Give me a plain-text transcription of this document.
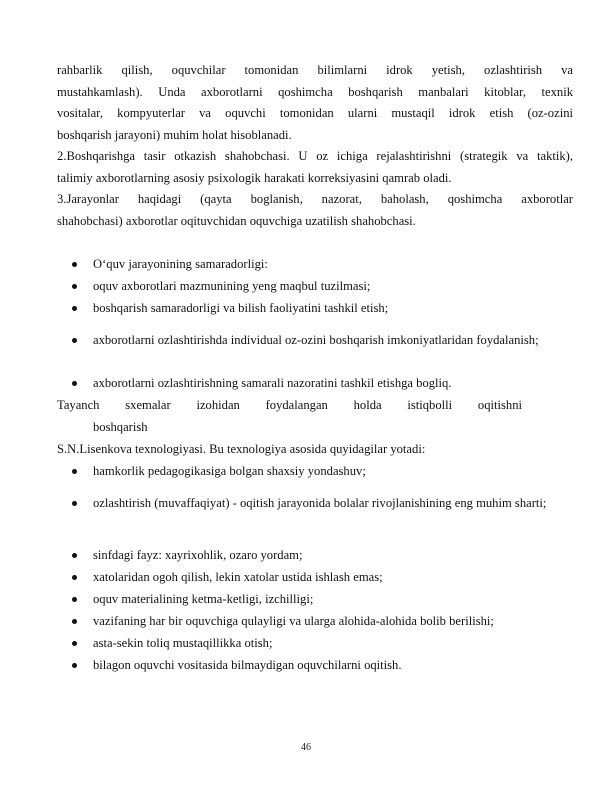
rahbarlik qilish, oquvchilar tomonidan bilimlarni idrok yetish, ozlashtirish va
mustahkamlash). Unda axborotlarni qoshimcha boshqarish manbalari kitoblar, texnik
vositalar, kompyuterlar va oquvchi tomonidan ularni mustaqil idrok etish (oz-ozini
boshqarish jarayoni) muhim holat hisoblanadi.
2.Boshqarishga tasir otkazish shahobchasi. U oz ichiga rejalashtirishni (strategik va taktik),
talimiy axborotlarning asosiy psixologik harakati korreksiyasini qamrab oladi.
3.Jarayonlar haqidagi (qayta boglanish, nazorat, baholash, qoshimcha axborotlar
shahobchasi) axborotlar oqituvchidan oquvchiga uzatilish shahobchasi.
O‘quv jarayonining samaradorligi:
oquv axborotlari mazmunining yeng maqbul tuzilmasi;
boshqarish samaradorligi va bilish faoliyatini tashkil etish;
axborotlarni ozlashtirishda individual oz-ozini boshqarish imkoniyatlaridan foydalanish;
axborotlarni ozlashtirishning samarali nazoratini tashkil etishga bogliq.
Tayanch sxemalar izohidan foydalangan holda istiqbolli oqitishni
boshqarish
S.N.Lisenkova texnologiyasi. Bu texnologiya asosida quyidagilar yotadi:
hamkorlik pedagogikasiga bolgan shaxsiy yondashuv;
ozlashtirish (muvaffaqiyat) - oqitish jarayonida bolalar rivojlanishining eng muhim sharti;
sinfdagi fayz: xayrixohlik, ozaro yordam;
xatolaridan ogoh qilish, lekin xatolar ustida ishlash emas;
oquv materialining ketma-ketligi, izchilligi;
vazifaning har bir oquvchiga qulayligi va ularga alohida-alohida bolib berilishi;
asta-sekin toliq mustaqillikka otish;
bilagon oquvchi vositasida bilmaydigan oquvchilarni oqitish.
46
